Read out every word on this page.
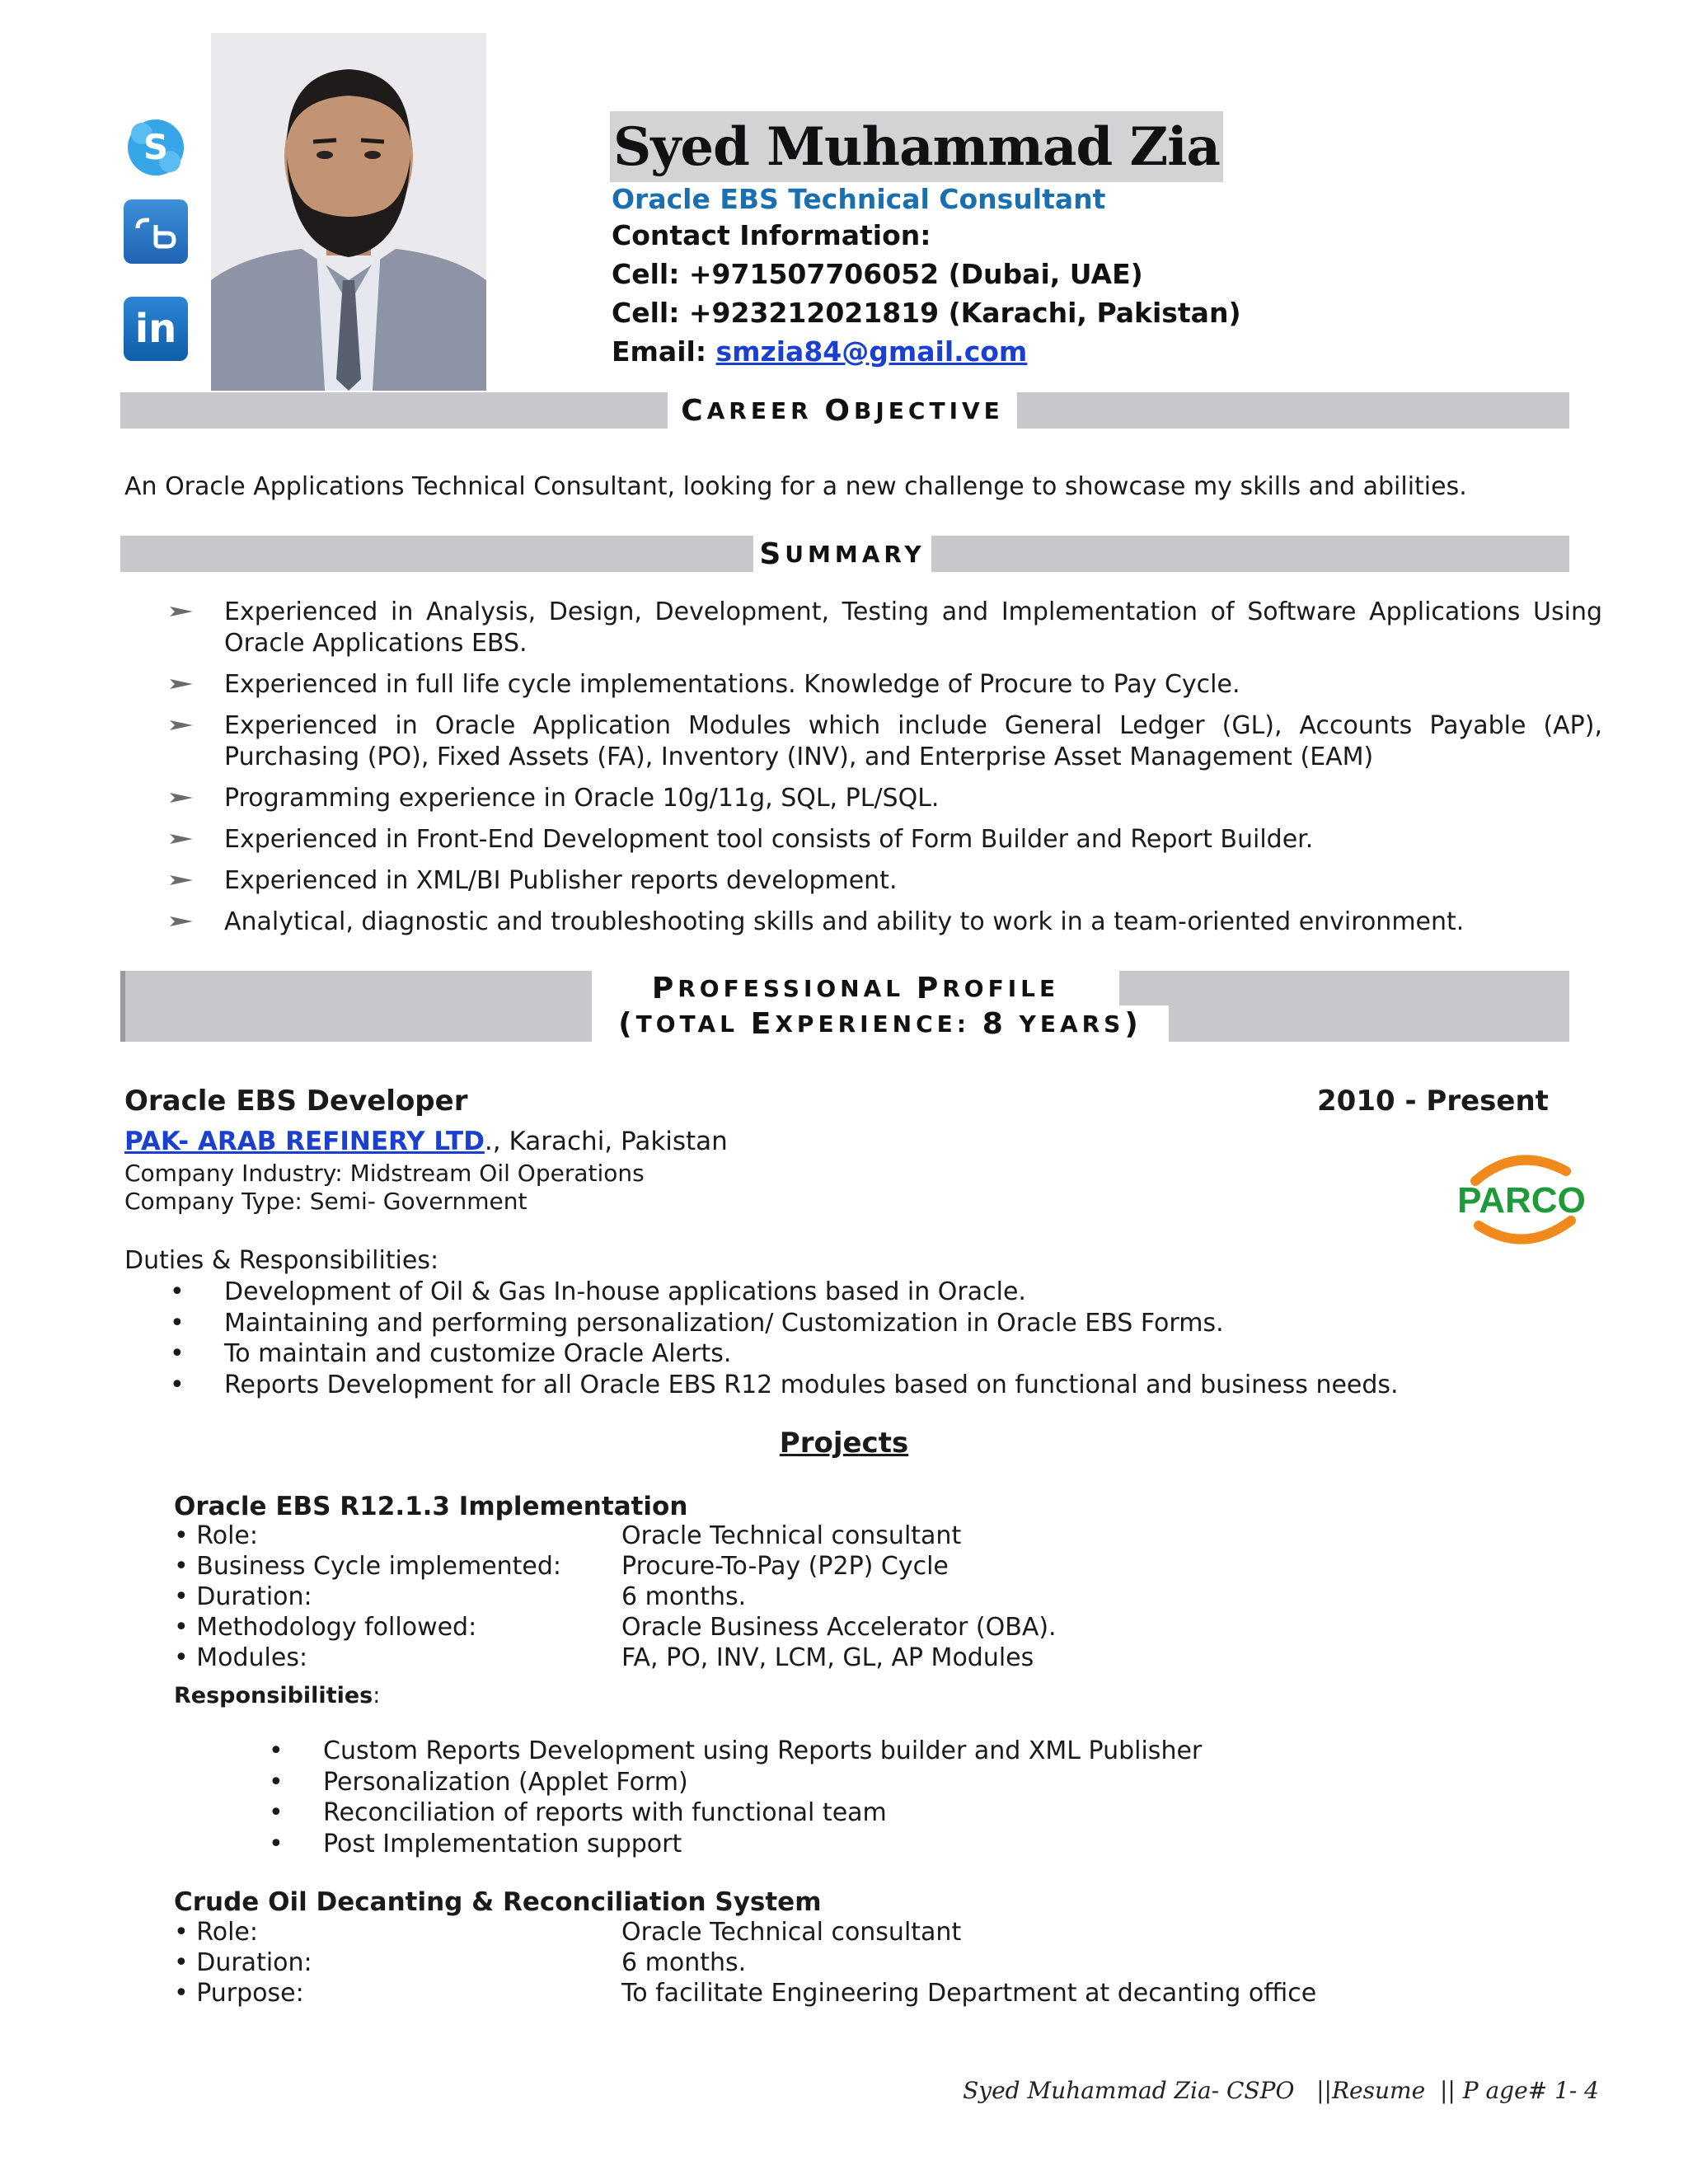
S
in
Syed Muhammad Zia
Oracle EBS Technical Consultant
Contact Information:
Cell: +971507706052 (Dubai, UAE)
Cell: +923212021819 (Karachi, Pakistan)
Email: smzia84@gmail.com
C AREER O BJECTIVE
An Oracle Applications Technical Consultant, looking for a new challenge to showcase my skills and abilities.
S UMMARY
Experienced in Analysis, Design, Development, Testing and Implementation of Software Applications Using Oracle Applications EBS.
Experienced in full life cycle implementations. Knowledge of Procure to Pay Cycle.
Experienced in Oracle Application Modules which include General Ledger (GL), Accounts Payable (AP), Purchasing (PO), Fixed Assets (FA), Inventory (INV), and Enterprise Asset Management (EAM)
Programming experience in Oracle 10g/11g, SQL, PL/SQL.
Experienced in Front-End Development tool consists of Form Builder and Report Builder.
Experienced in XML/BI Publisher reports development.
Analytical, diagnostic and troubleshooting skills and ability to work in a team-oriented environment.
P ROFESSIONAL P ROFILE
( TOTAL E XPERIENCE: 8 YEARS )
Oracle EBS Developer	2010 - Present
PAK- ARAB REFINERY LTD., Karachi, Pakistan
Company Industry: Midstream Oil Operations
Company Type: Semi- Government	PARCO
Duties & Responsibilities:
• Development of Oil & Gas In-house applications based in Oracle.
• Maintaining and performing personalization/ Customization in Oracle EBS Forms.
• To maintain and customize Oracle Alerts.
• Reports Development for all Oracle EBS R12 modules based on functional and business needs.
Projects
Oracle EBS R12.1.3 Implementation
• Role:	Oracle Technical consultant
• Business Cycle implemented: Procure-To-Pay (P2P) Cycle
• Duration:	6 months.
• Methodology followed:	Oracle Business Accelerator (OBA).
• Modules:	FA, PO, INV, LCM, GL, AP Modules
Responsibilities:
• Custom Reports Development using Reports builder and XML Publisher
• Personalization (Applet Form)
• Reconciliation of reports with functional team
• Post Implementation support
Crude Oil Decanting & Reconciliation System
• Role:	Oracle Technical consultant
• Duration:	6 months.
• Purpose:	To facilitate Engineering Department at decanting office
Syed Muhammad Zia- CSPO   ||Resume  || P age# 1- 4
